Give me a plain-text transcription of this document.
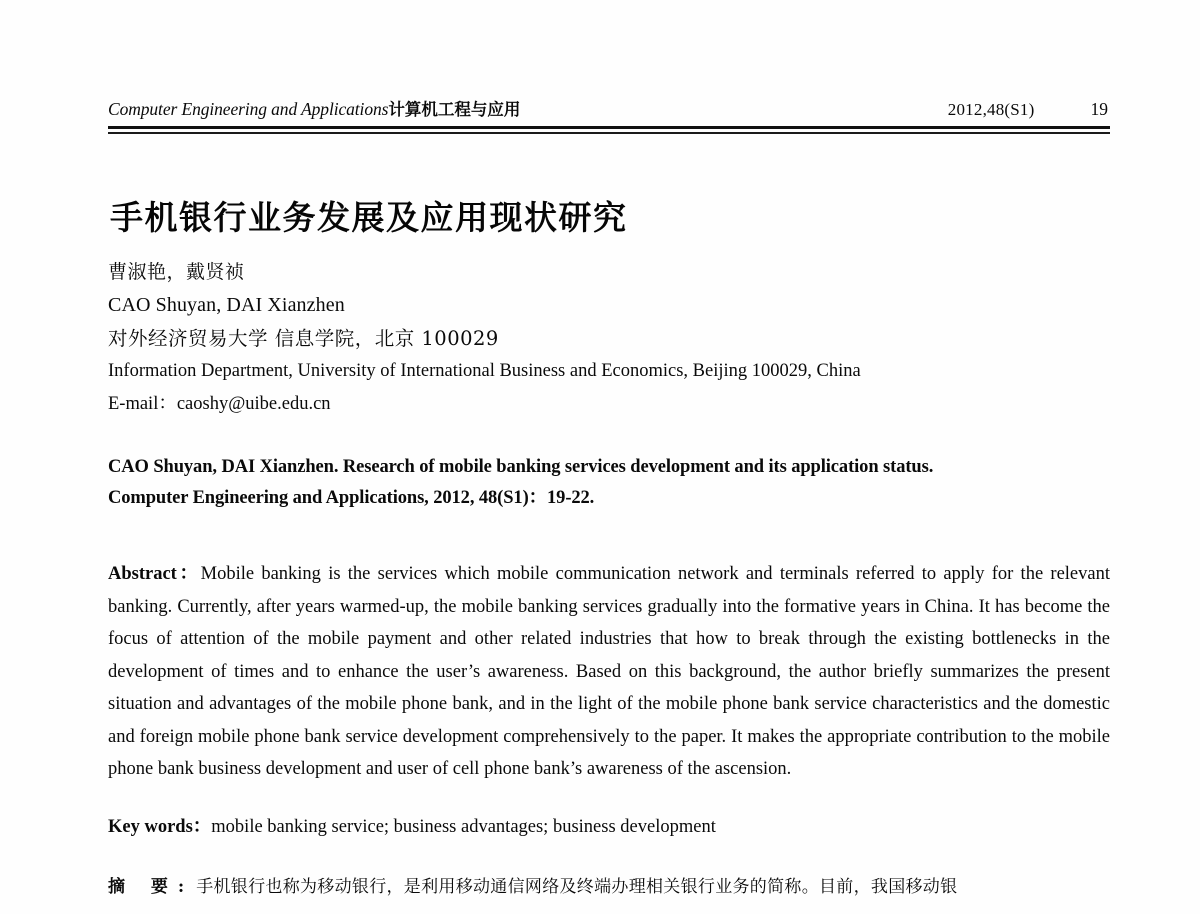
Computer Engineering and Applications计算机工程与应用	2012,48(S1)	19
手机银行业务发展及应用现状研究
曹淑艳，戴贤祯
CAO Shuyan, DAI Xianzhen
对外经济贸易大学 信息学院，北京 100029
Information Department, University of International Business and Economics, Beijing 100029, China
E-mail：caoshy@uibe.edu.cn
CAO Shuyan, DAI Xianzhen. Research of mobile banking services development and its application status.
Computer Engineering and Applications, 2012, 48(S1)：19-22.
Abstract：Mobile banking is the services which mobile communication network and terminals referred to apply for the relevant banking. Currently, after years warmed-up, the mobile banking services gradually into the formative years in China. It has become the focus of attention of the mobile payment and other related industries that how to break through the existing bottlenecks in the development of times and to enhance the user’s awareness. Based on this background, the author briefly summarizes the present situation and advantages of the mobile phone bank, and in the light of the mobile phone bank service characteristics and the domestic and foreign mobile phone bank service development comprehensively to the paper. It makes the appropriate contribution to the mobile phone bank business development and user of cell phone bank’s awareness of the ascension.
Key words：mobile banking service; business advantages; business development
摘 要: 手机银行也称为移动银行，是利用移动通信网络及终端办理相关银行业务的简称。目前，我国移动银
